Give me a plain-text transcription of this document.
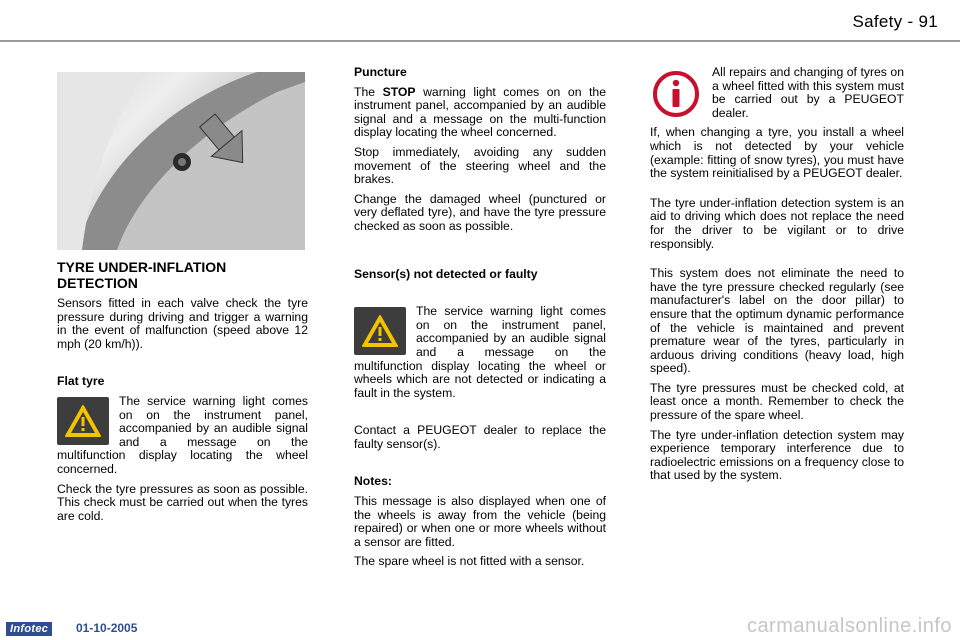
Safety - 91

TYRE UNDER-INFLATION DETECTION

Sensors fitted in each valve check the tyre pressure during driving and trigger a warning in the event of malfunction (speed above 12 mph (20 km/h)).

Flat tyre

The service warning light comes on on the instrument panel, accompanied by an audible signal and a message on the multifunction display locating the wheel concerned.

Check the tyre pressures as soon as possible. This check must be carried out when the tyres are cold.

Puncture

The STOP warning light comes on on the instrument panel, accompanied by an audible signal and a message on the multi-function display locating the wheel concerned.

Stop immediately, avoiding any sudden movement of the steering wheel and the brakes.

Change the damaged wheel (punctured or very deflated tyre), and have the tyre pressure checked as soon as possible.

Sensor(s) not detected or faulty

The service warning light comes on on the instrument panel, accompanied by an audible signal and a message on the multifunction display locating the wheel or wheels which are not detected or indicating a fault in the system.

Contact a PEUGEOT dealer to replace the faulty sensor(s).

Notes:

This message is also displayed when one of the wheels is away from the vehicle (being repaired) or when one or more wheels without a sensor are fitted.

The spare wheel is not fitted with a sensor.

All repairs and changing of tyres on a wheel fitted with this system must be carried out by a PEUGEOT dealer.

If, when changing a tyre, you install a wheel which is not detected by your vehicle (example: fitting of snow tyres), you must have the system reinitialised by a PEUGEOT dealer.

The tyre under-inflation detection system is an aid to driving which does not replace the need for the driver to be vigilant or to drive responsibly.

This system does not eliminate the need to have the tyre pressure checked regularly (see manufacturer's label on the door pillar) to ensure that the optimum dynamic performance of the vehicle is maintained and prevent premature wear of the tyres, particularly in arduous driving conditions (heavy load, high speed).

The tyre pressures must be checked cold, at least once a month. Remember to check the pressure of the spare wheel.

The tyre under-inflation detection system may experience temporary interference due to radioelectric emissions on a frequency close to that used by the system.

Infotec	01-10-2005	carmanualsonline.info
